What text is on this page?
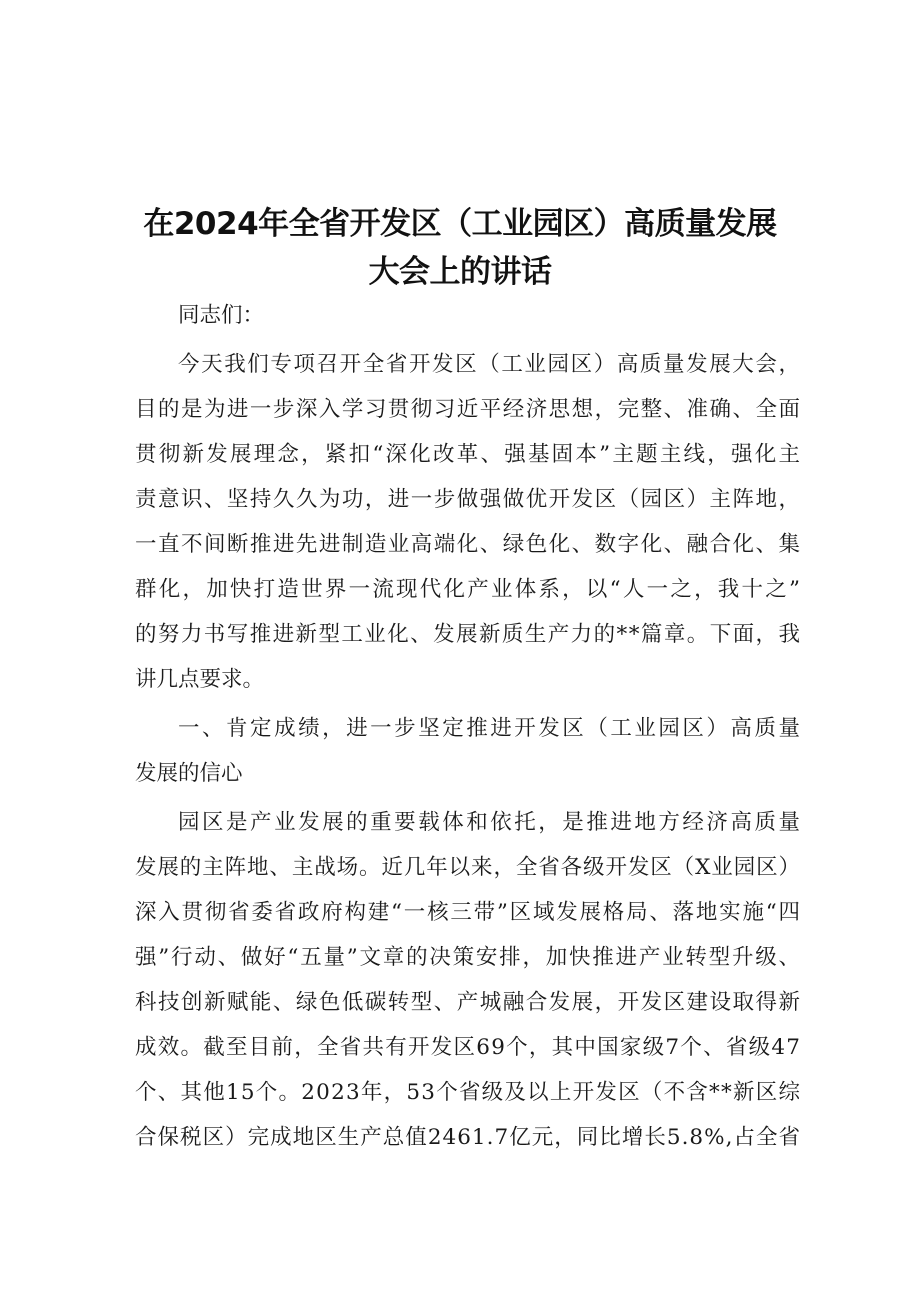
在2024年全省开发区（工业园区）高质量发展
大会上的讲话
同志们：
今天我们专项召开全省开发区（工业园区）高质量发展大会，
目的是为进一步深入学习贯彻习近平经济思想，完整、准确、全面
贯彻新发展理念，紧扣“深化改革、强基固本”主题主线，强化主
责意识、坚持久久为功，进一步做强做优开发区（园区）主阵地，
一直不间断推进先进制造业高端化、绿色化、数字化、融合化、集
群化，加快打造世界一流现代化产业体系，以“人一之，我十之”
的努力书写推进新型工业化、发展新质生产力的**篇章。下面，我
讲几点要求。
一、肯定成绩，进一步坚定推进开发区（工业园区）高质量
发展的信心
园区是产业发展的重要载体和依托，是推进地方经济高质量
发展的主阵地、主战场。近几年以来，全省各级开发区（X业园区）
深入贯彻省委省政府构建“一核三带”区域发展格局、落地实施“四
强”行动、做好“五量”文章的决策安排，加快推进产业转型升级、
科技创新赋能、绿色低碳转型、产城融合发展，开发区建设取得新
成效。截至目前，全省共有开发区69个，其中国家级7个、省级47
个、其他15个。2023年，53个省级及以上开发区（不含**新区综
合保税区）完成地区生产总值2461.7亿元，同比增长5.8%,占全省
